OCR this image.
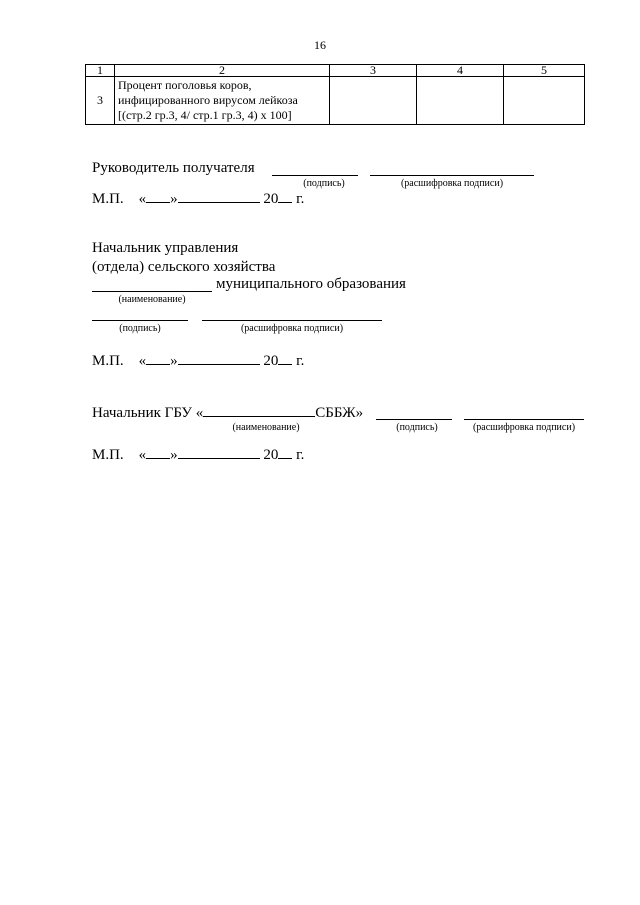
16
1	2	3	4	5
3	Процент поголовья коров,
инфицированного вирусом лейкоза
[(стр.2 гр.3, 4/ стр.1 гр.3, 4) х 100]			

Руководитель получателя
(подпись)	(расшифровка подписи)
М.П. « »	20 г.
Начальник управления
(отдела) сельского хозяйства
муниципального образования
(наименование)
(подпись)	(расшифровка подписи)
М.П. « »	20 г.
Начальник ГБУ «	СББЖ»
(наименование)	(подпись)	(расшифровка подписи)
М.П. « »	20 г.
